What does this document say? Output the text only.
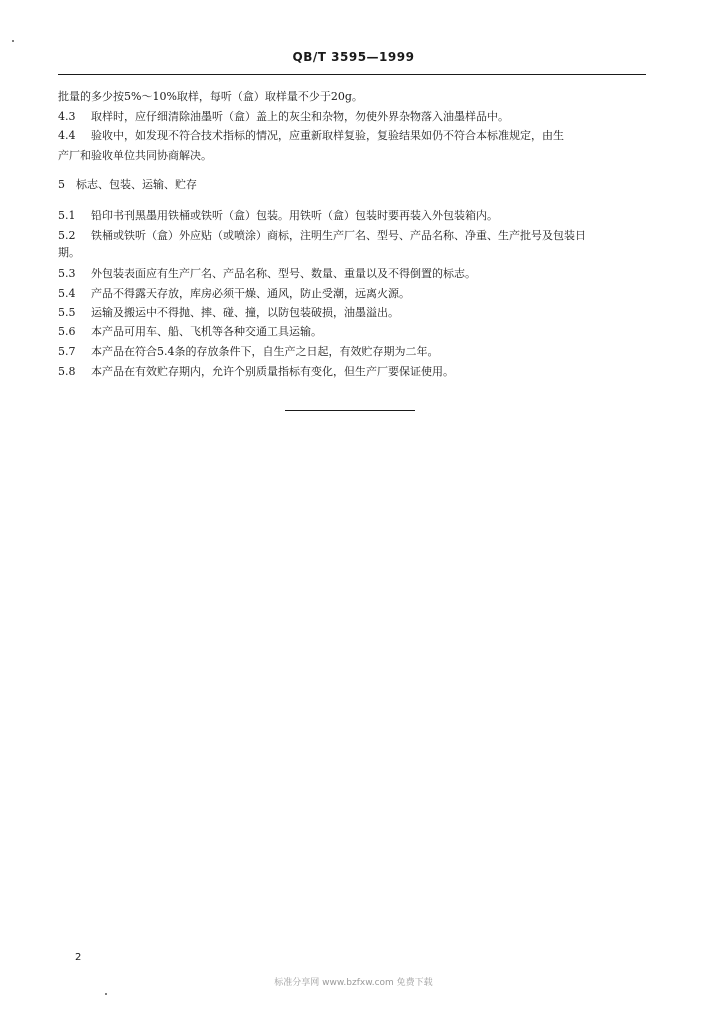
QB/T 3595—1999
批量的多少按5%～10%取样，每听（盒）取样量不少于20g。
4.3 取样时，应仔细清除油墨听（盒）盖上的灰尘和杂物，勿使外界杂物落入油墨样品中。
4.4 验收中，如发现不符合技术指标的情况，应重新取样复验，复验结果如仍不符合本标准规定，由生
产厂和验收单位共同协商解决。
5 标志、包装、运输、贮存
5.1 铅印书刊黑墨用铁桶或铁听（盒）包装。用铁听（盒）包装时要再装入外包装箱内。
5.2 铁桶或铁听（盒）外应贴（或喷涂）商标，注明生产厂名、型号、产品名称、净重、生产批号及包装日
期。
5.3 外包装表面应有生产厂名、产品名称、型号、数量、重量以及不得倒置的标志。
5.4 产品不得露天存放，库房必须干燥、通风，防止受潮，远离火源。
5.5 运输及搬运中不得抛、摔、碰、撞，以防包装破损，油墨溢出。
5.6 本产品可用车、船、飞机等各种交通工具运输。
5.7 本产品在符合5.4条的存放条件下，自生产之日起，有效贮存期为二年。
5.8 本产品在有效贮存期内，允许个别质量指标有变化，但生产厂要保证使用。
2
标准分享网 www.bzfxw.com 免费下载
